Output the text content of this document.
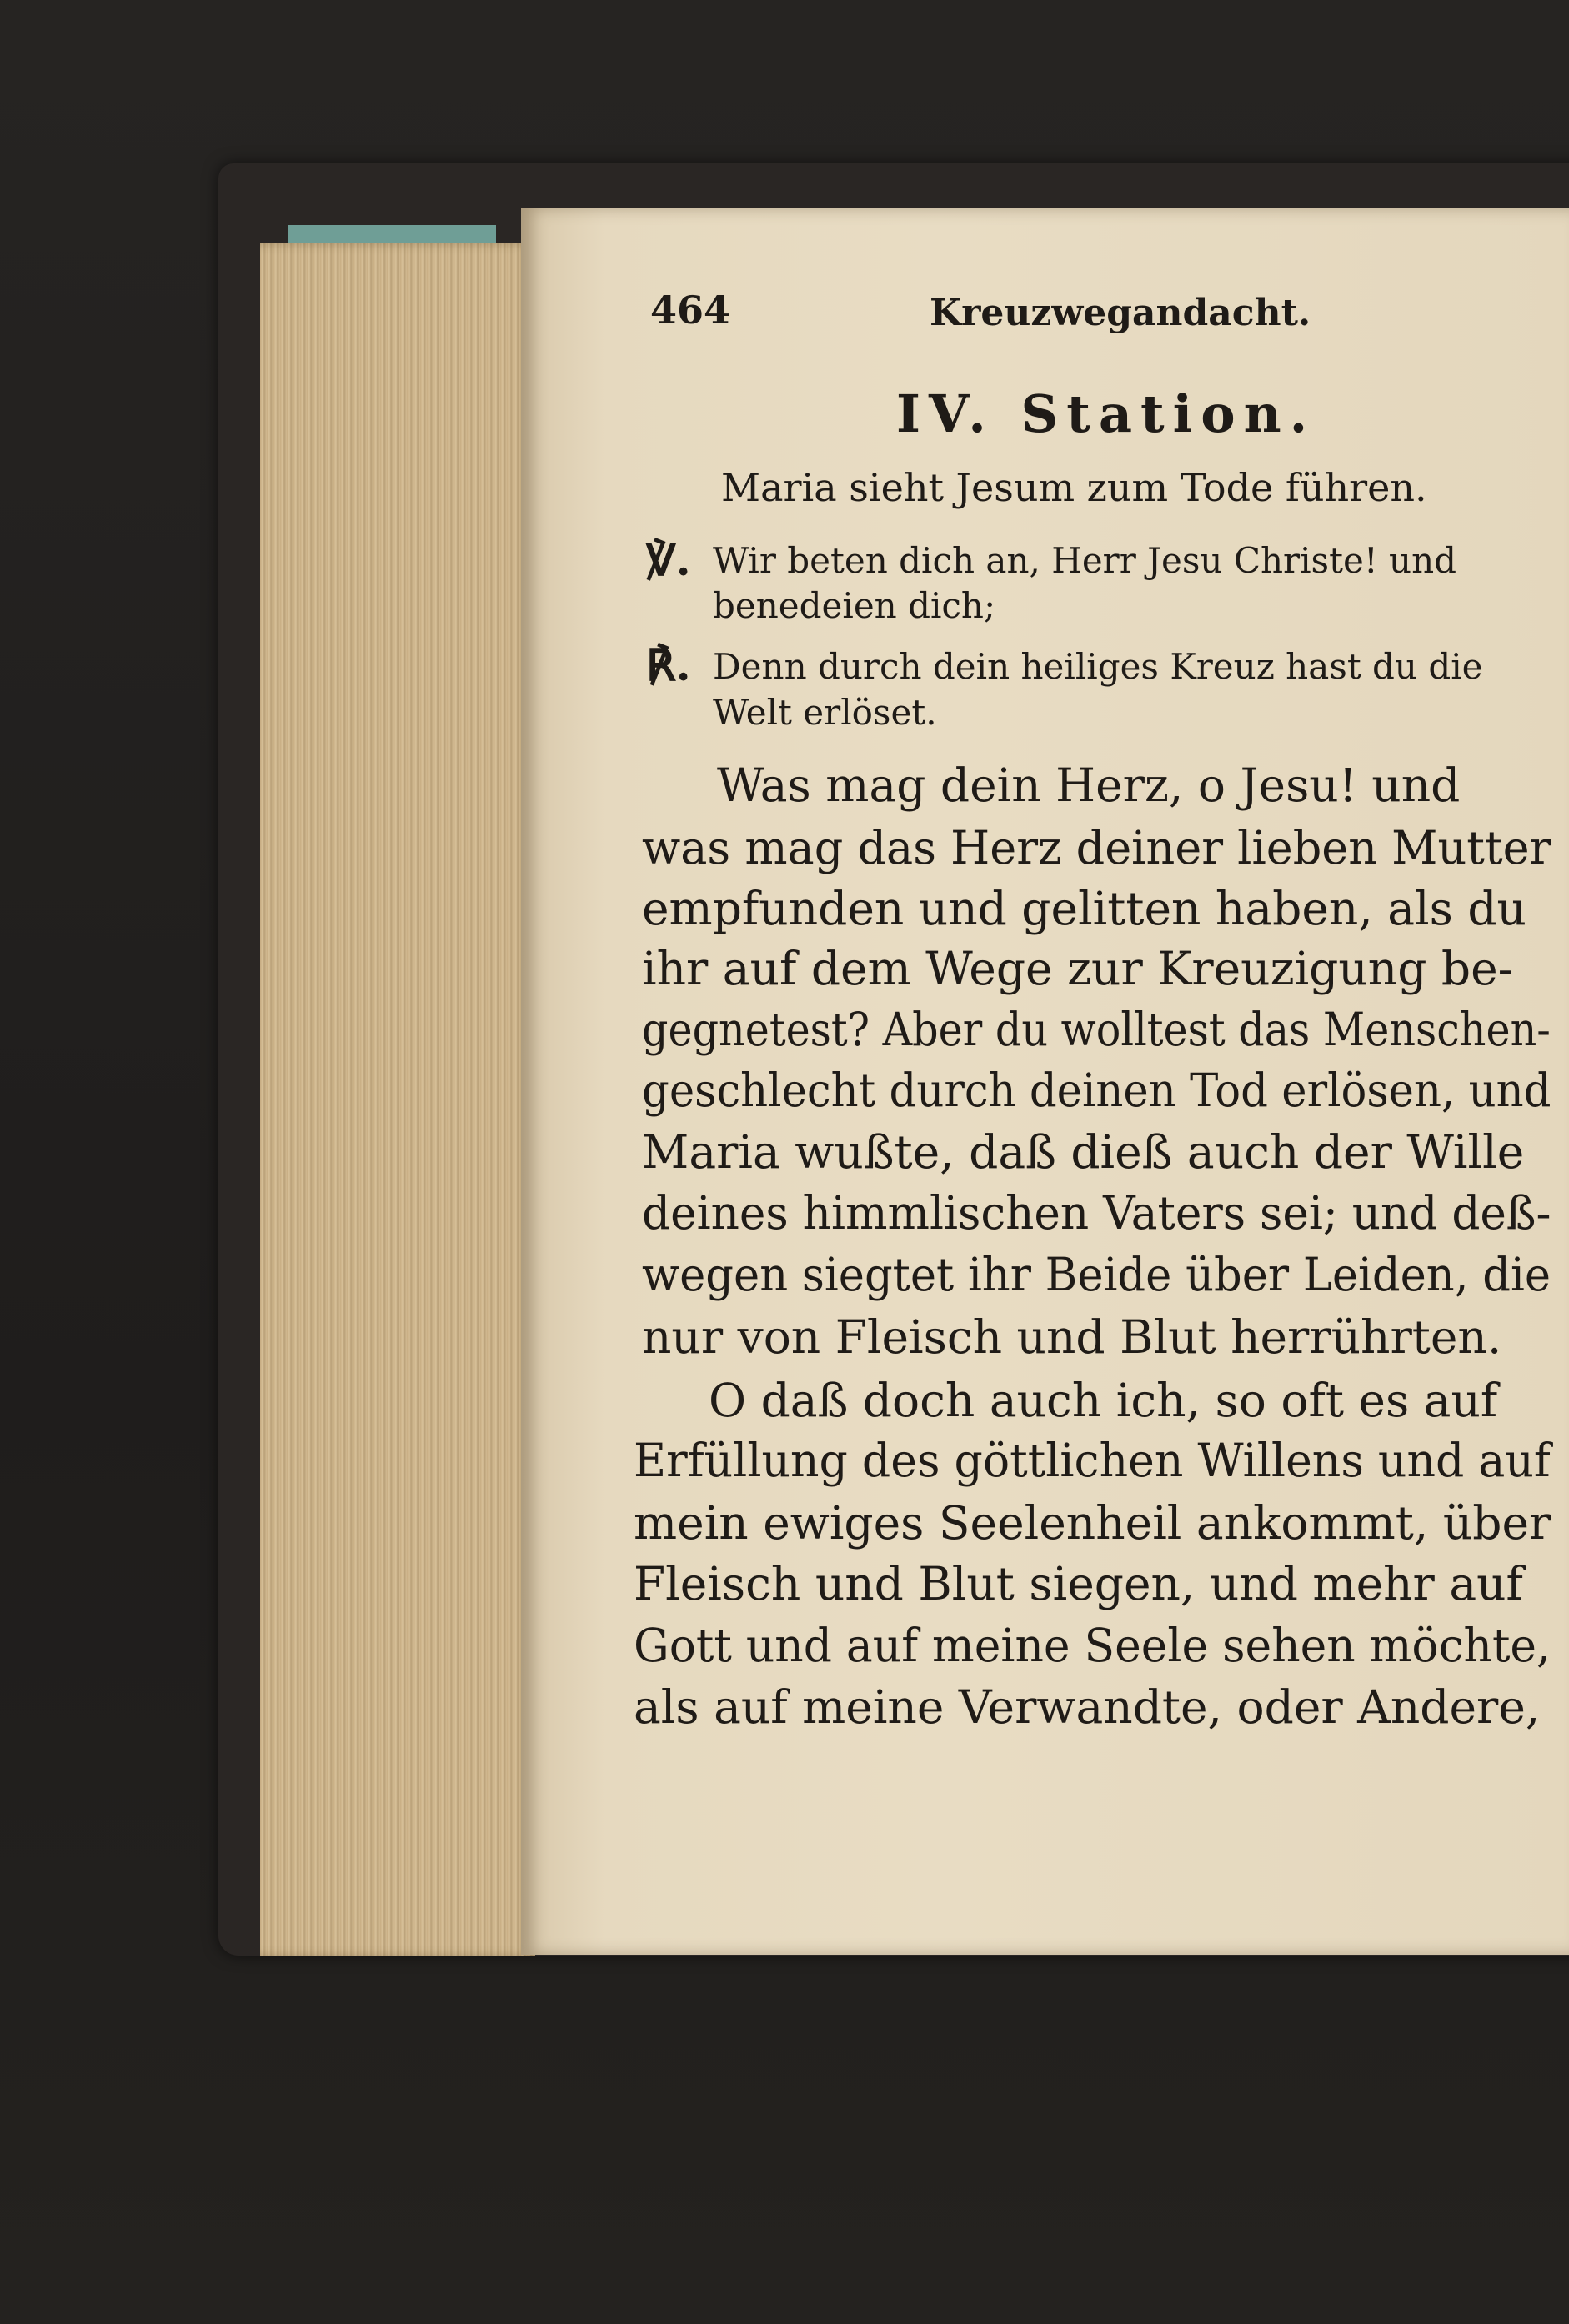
464	Kreuzwegandacht.
IV. Station.
Maria sieht Jesum zum Tode führen.
℣. Wir beten dich an, Herr Jesu Christe! und
benedeien dich;
℟. Denn durch dein heiliges Kreuz hast du die
Welt erlöset.
Was mag dein Herz, o Jesu! und
was mag das Herz deiner lieben Mutter
empfunden und gelitten haben, als du
ihr auf dem Wege zur Kreuzigung be-
gegnetest? Aber du wolltest das Menschen-
geschlecht durch deinen Tod erlösen, und
Maria wußte, daß dieß auch der Wille
deines himmlischen Vaters sei; und deß-
wegen siegtet ihr Beide über Leiden, die
nur von Fleisch und Blut herrührten.
O daß doch auch ich, so oft es auf
Erfüllung des göttlichen Willens und auf
mein ewiges Seelenheil ankommt, über
Fleisch und Blut siegen, und mehr auf
Gott und auf meine Seele sehen möchte,
als auf meine Verwandte, oder Andere,
